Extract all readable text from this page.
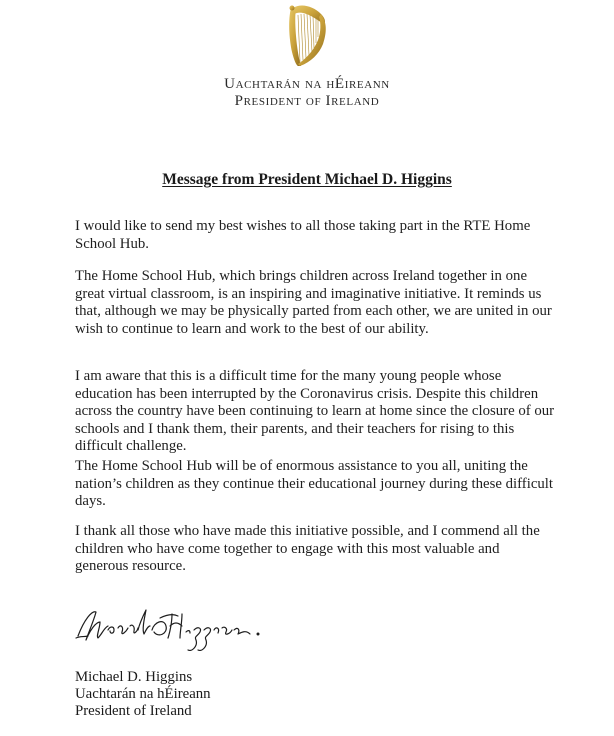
Uachtarán na hÉireann
President of Ireland
Message from President Michael D. Higgins

I would like to send my best wishes to all those taking part in the RTE Home School Hub.

The Home School Hub, which brings children across Ireland together in one great virtual classroom, is an inspiring and imaginative initiative. It reminds us that, although we may be physically parted from each other, we are united in our wish to continue to learn and work to the best of our ability.

I am aware that this is a difficult time for the many young people whose education has been interrupted by the Coronavirus crisis. Despite this children across the country have been continuing to learn at home since the closure of our schools and I thank them, their parents, and their teachers for rising to this difficult challenge.

The Home School Hub will be of enormous assistance to you all, uniting the nation’s children as they continue their educational journey during these difficult days.

I thank all those who have made this initiative possible, and I commend all the children who have come together to engage with this most valuable and generous resource.

Michael D. Higgins
Uachtarán na hÉireann
President of Ireland
